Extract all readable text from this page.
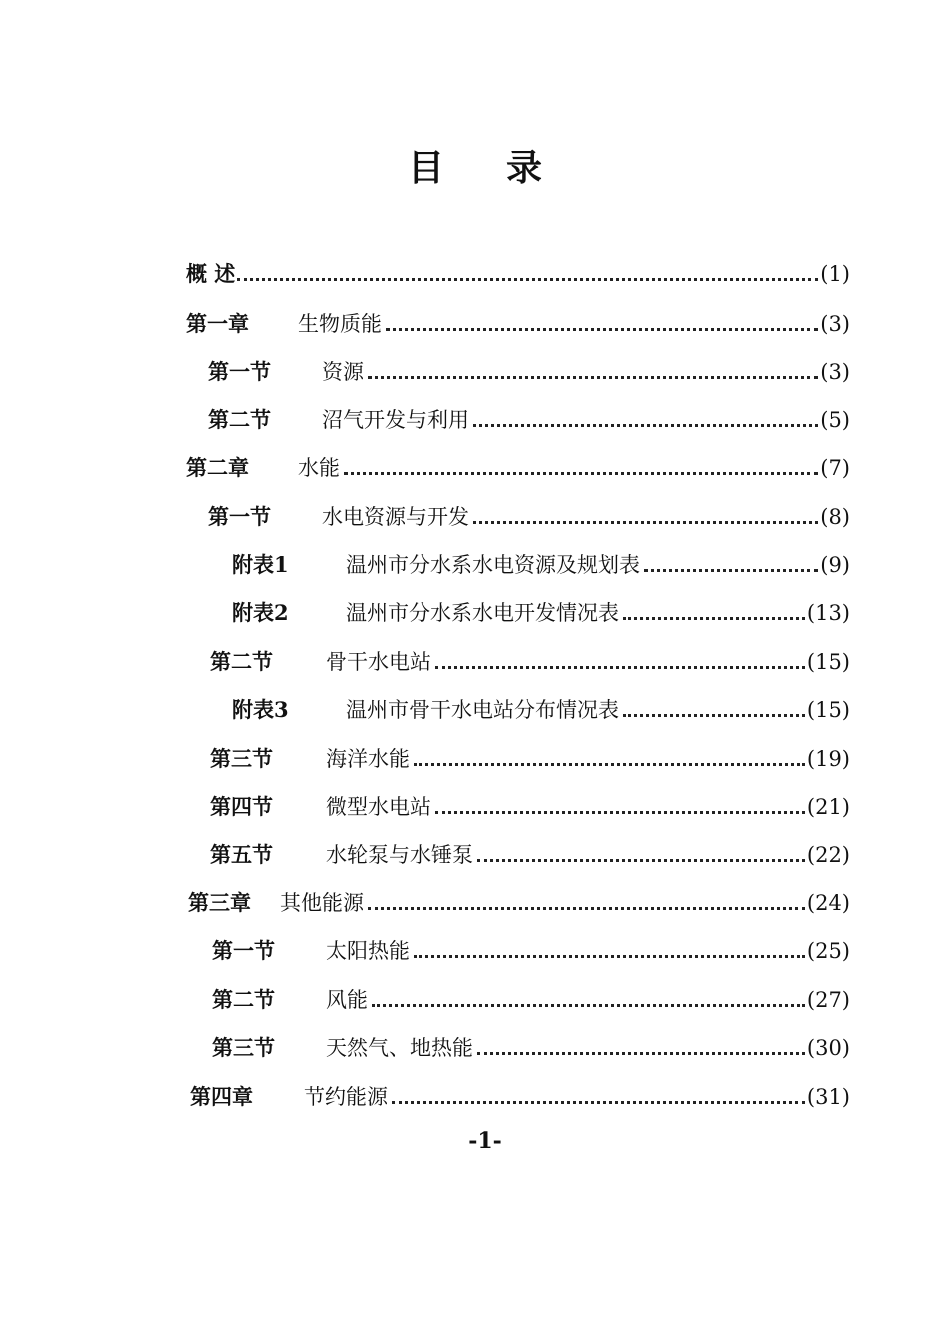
目 录
概 述	(1)
第一章 生物质能	(3)
第一节 资源	(3)
第二节 沼气开发与利用	(5)
第二章 水能	(7)
第一节 水电资源与开发	(8)
附表1	温州市分水系水电资源及规划表	(9)
附表2	温州市分水系水电开发情况表	(13)
第二节	骨干水电站	(15)
附表3	温州市骨干水电站分布情况表	(15)
第三节	海洋水能	(19)
第四节	微型水电站	(21)
第五节	水轮泵与水锤泵	(22)
第三章 其他能源	(24)
第一节 太阳热能	(25)
第二节 风能	(27)
第三节 天然气、地热能	(30)
第四章 节约能源	(31)
-1-
